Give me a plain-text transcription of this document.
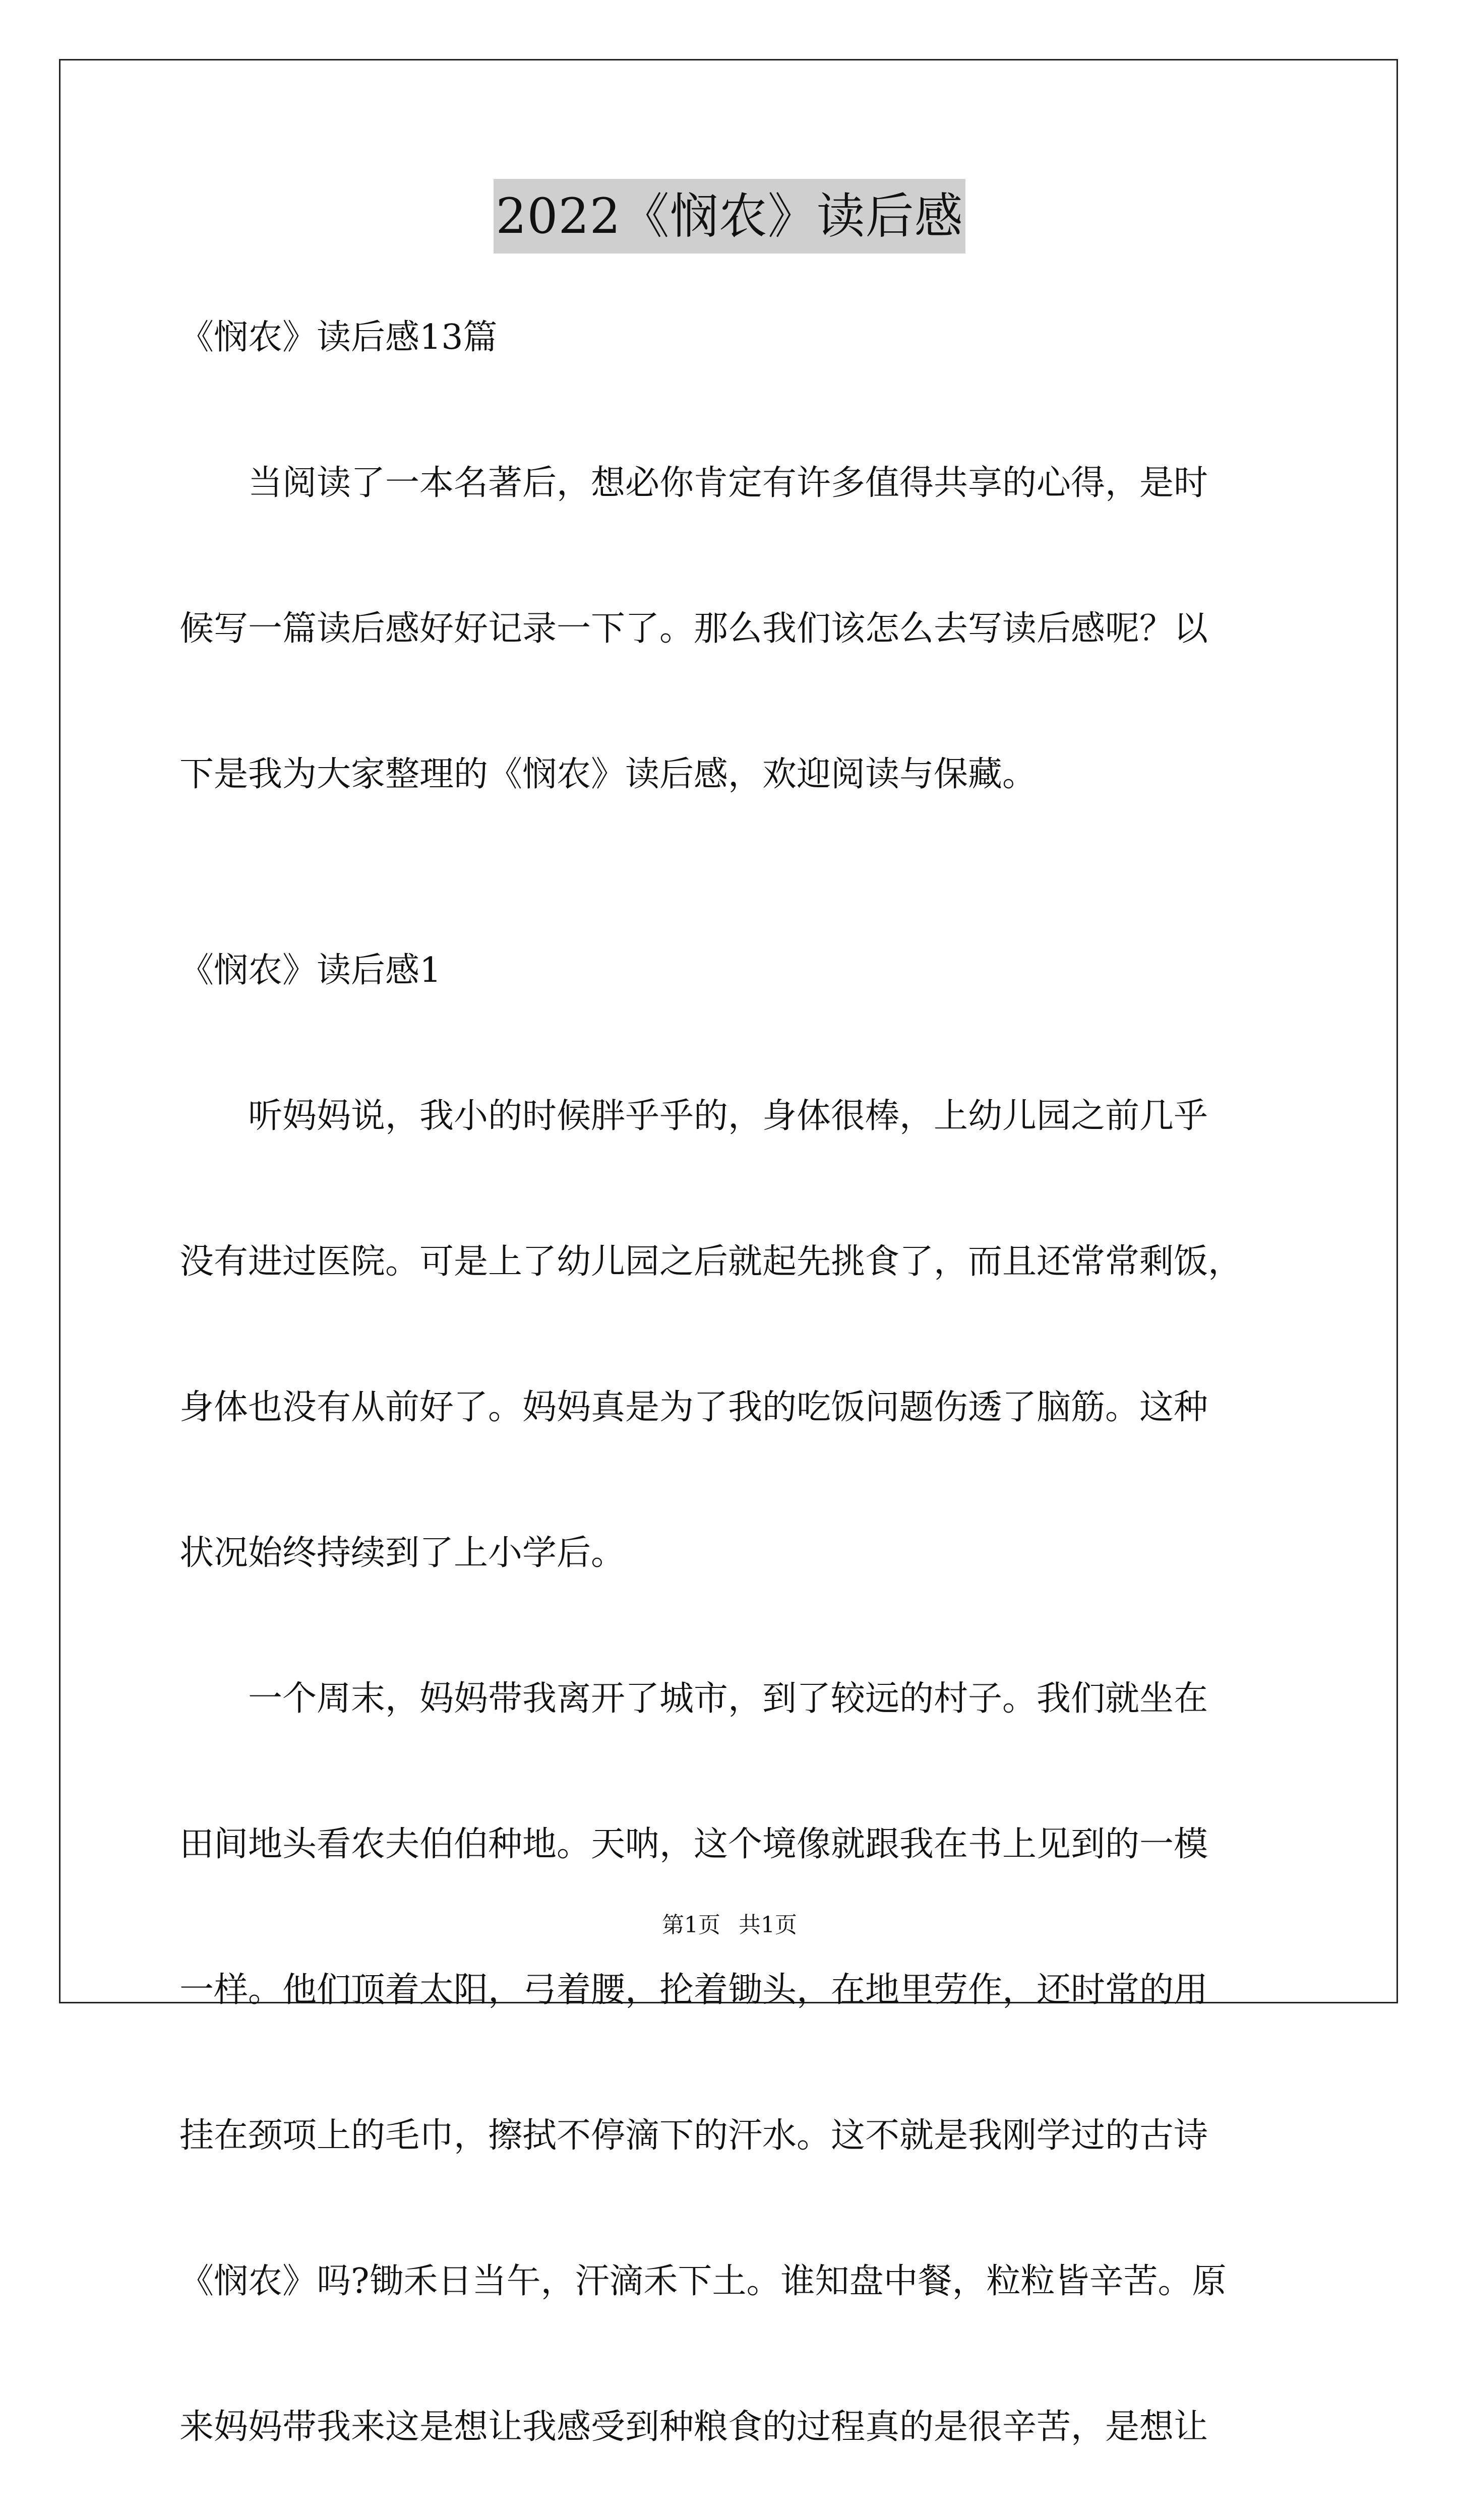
2022《悯农》读后感
《悯农》读后感13篇
当阅读了一本名著后，想必你肯定有许多值得共享的心得，是时
候写一篇读后感好好记录一下了。那么我们该怎么去写读后感呢？以
下是我为大家整理的《悯农》读后感，欢迎阅读与保藏。
《悯农》读后感1
听妈妈说，我小的时候胖乎乎的，身体很棒，上幼儿园之前几乎
没有进过医院。可是上了幼儿园之后就起先挑食了，而且还常常剩饭，
身体也没有从前好了。妈妈真是为了我的吃饭问题伤透了脑筋。这种
状况始终持续到了上小学后。
一个周末，妈妈带我离开了城市，到了较远的村子。我们就坐在
田间地头看农夫伯伯种地。天呐，这个境像就跟我在书上见到的一模
一样。他们顶着太阳，弓着腰，抡着锄头，在地里劳作，还时常的用
挂在颈项上的毛巾，擦拭不停滴下的汗水。这不就是我刚学过的古诗
《悯农》吗?锄禾日当午，汗滴禾下土。谁知盘中餐，粒粒皆辛苦。原
来妈妈带我来这是想让我感受到种粮食的过程真的是很辛苦，是想让
第1页 共1页
